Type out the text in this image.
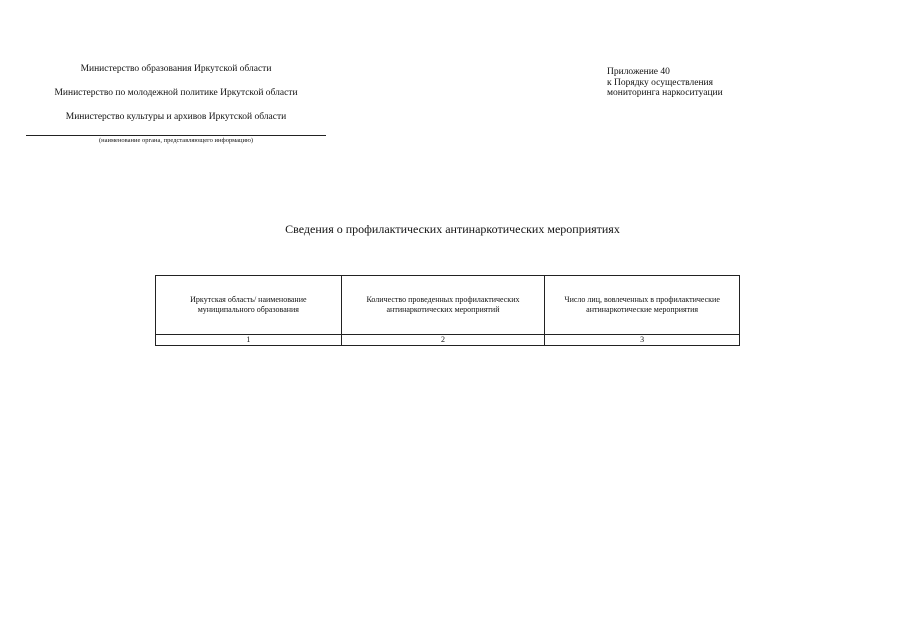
Министерство образования Иркутской области
Министерство по молодежной политике Иркутской области
Министерство культуры и архивов Иркутской области
(наименование органа, представляющего информацию)
Приложение 40
к Порядку осуществления
мониторинга наркоситуации
Сведения о профилактических антинаркотических мероприятиях
Иркутская область/ наименование муниципального образования	Количество проведенных профилактических антинаркотических мероприятий	Число лиц, вовлеченных в профилактические антинаркотические мероприятия
1	2	3
